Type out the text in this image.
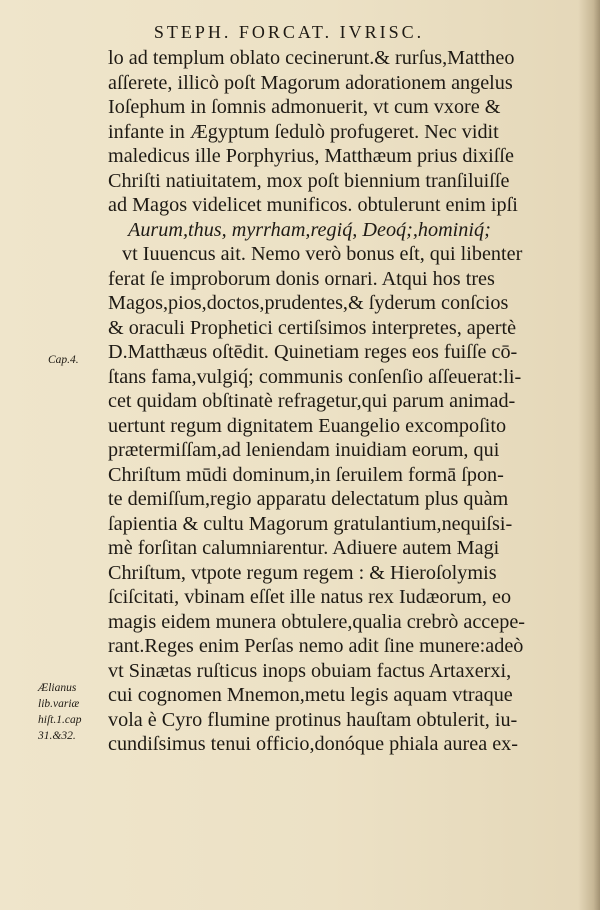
STEPH. FORCAT. IVRISC.
lo ad templum oblato cecinerunt.& rurſus,Mattheo
aſſerete, illicò poſt Magorum adorationem angelus
Ioſephum in ſomnis admonuerit, vt cum vxore &
infante in Ægyptum ſedulò profugeret. Nec vidit
maledicus ille Porphyrius, Matthæum prius dixiſſe
Chriſti natiuitatem, mox poſt biennium tranſiluiſſe
ad Magos videlicet munificos. obtulerunt enim ipſi
Aurum,thus, myrrham,regiq́, Deoq́;,hominiq́;
vt Iuuencus ait. Nemo verò bonus eſt, qui libenter
ferat ſe improborum donis ornari. Atqui hos tres
Magos,pios,doctos,prudentes,& ſyderum conſcios
& oraculi Prophetici certiſsimos interpretes, apertè
D.Matthæus oſtēdit. Quinetiam reges eos fuiſſe cō-
ſtans fama,vulgiq́; communis conſenſio aſſeuerat:li-
cet quidam obſtinatè refragetur,qui parum animad-
uertunt regum dignitatem Euangelio excompoſito
prætermiſſam,ad leniendam inuidiam eorum, qui
Chriſtum mūdi dominum,in ſeruilem formā ſpon-
te demiſſum,regio apparatu delectatum plus quàm
ſapientia & cultu Magorum gratulantium,nequiſsi-
mè forſitan calumniarentur. Adiuere autem Magi
Chriſtum, vtpote regum regem : & Hieroſolymis
ſciſcitati, vbinam eſſet ille natus rex Iudæorum, eo
magis eidem munera obtulere,qualia crebrò accepe-
rant.Reges enim Perſas nemo adit ſine munere:adeò
vt Sinætas ruſticus inops obuiam factus Artaxerxi,
cui cognomen Mnemon,metu legis aquam vtraque
vola è Cyro flumine protinus hauſtam obtulerit, iu-
cundiſsimus tenui officio,donóque phiala aurea ex-
Cap.4.
Ælianus
lib.variæ
hiſt.1.cap
31.&32.
